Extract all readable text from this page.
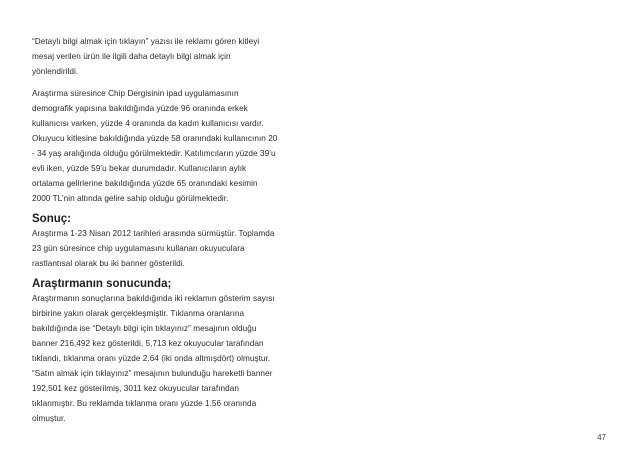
“Detaylı bilgi almak için tıklayın” yazısı ile reklamı gören kitleyi
mesaj verilen ürün ile ilgili daha detaylı bilgi almak için
yönlendirildi.

Araştırma süresince Chip Dergisinin ipad uygulamasının
demografik yapısına bakıldığında yüzde 96 oranında erkek
kullanıcısı varken, yüzde 4 oranında da kadın kullanıcısı vardır.
Okuyucu kitlesine bakıldığında yüzde 58 oranındaki kullanıcının 20
- 34 yaş aralığında olduğu görülmektedir. Katılımcıların yüzde 39’u
evli iken, yüzde 59’u bekar durumdadır. Kullanıcıların aylık
ortalama gelirlerine bakıldığında yüzde 65 oranındaki kesimin
2000 TL’nin altında gelire sahip olduğu görülmektedir.

Sonuç:

Araştırma 1-23 Nisan 2012 tarihleri arasında sürmüştür. Toplamda
23 gün süresince chip uygulamasını kullanan okuyuculara
rastlantısal olarak bu iki banner gösterildi.

Araştırmanın sonucunda;

Araştırmanın sonuçlarına bakıldığında iki reklamın gösterim sayısı
birbirine yakın olarak gerçekleşmiştir. Tıklanma oranlarına
bakıldığında ise “Detaylı bilgi için tıklayınız” mesajının olduğu
banner 216,492 kez gösterildi, 5,713 kez okuyucular tarafından
tıklandı, tıklanma oranı yüzde 2.64 (iki onda altmışdört) olmuştur.
“Satın almak için tıklayınız” mesajının bulunduğu hareketli banner
192,501 kez gösterilmiş, 3011 kez okuyucular tarafından
tıklanmıştır. Bu reklamda tıklanma oranı yüzde 1.56 oranında
olmuştur.

47
